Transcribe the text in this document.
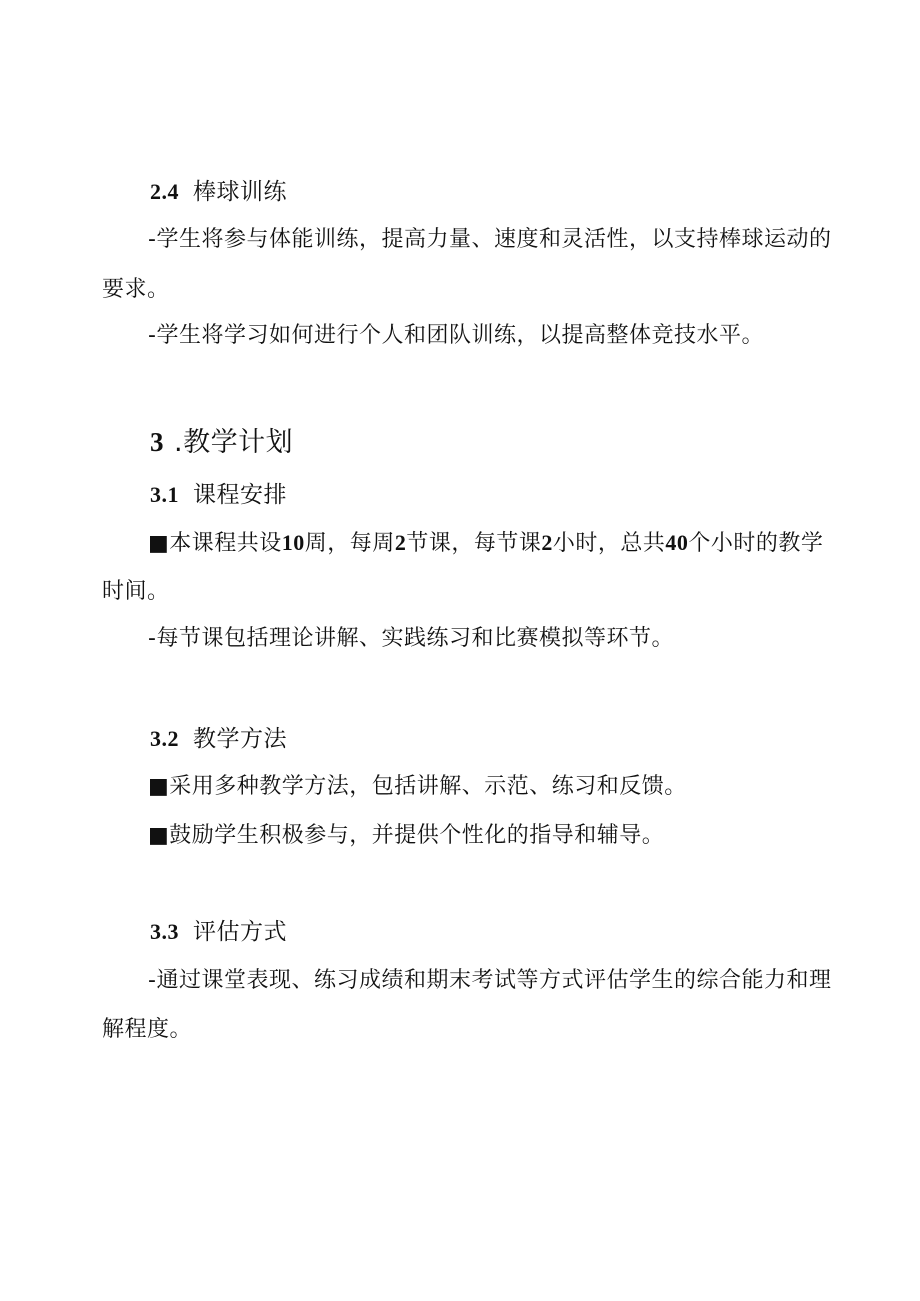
2.4 棒球训练
-学生将参与体能训练，提高力量、速度和灵活性，以支持棒球运动的
要求。
-学生将学习如何进行个人和团队训练，以提高整体竞技水平。
3 .教学计划
3.1 课程安排
■本课程共设10周，每周2节课，每节课2小时，总共40个小时的教学
时间。
-每节课包括理论讲解、实践练习和比赛模拟等环节。
3.2 教学方法
■采用多种教学方法，包括讲解、示范、练习和反馈。
■鼓励学生积极参与，并提供个性化的指导和辅导。
3.3 评估方式
-通过课堂表现、练习成绩和期末考试等方式评估学生的综合能力和理
解程度。
